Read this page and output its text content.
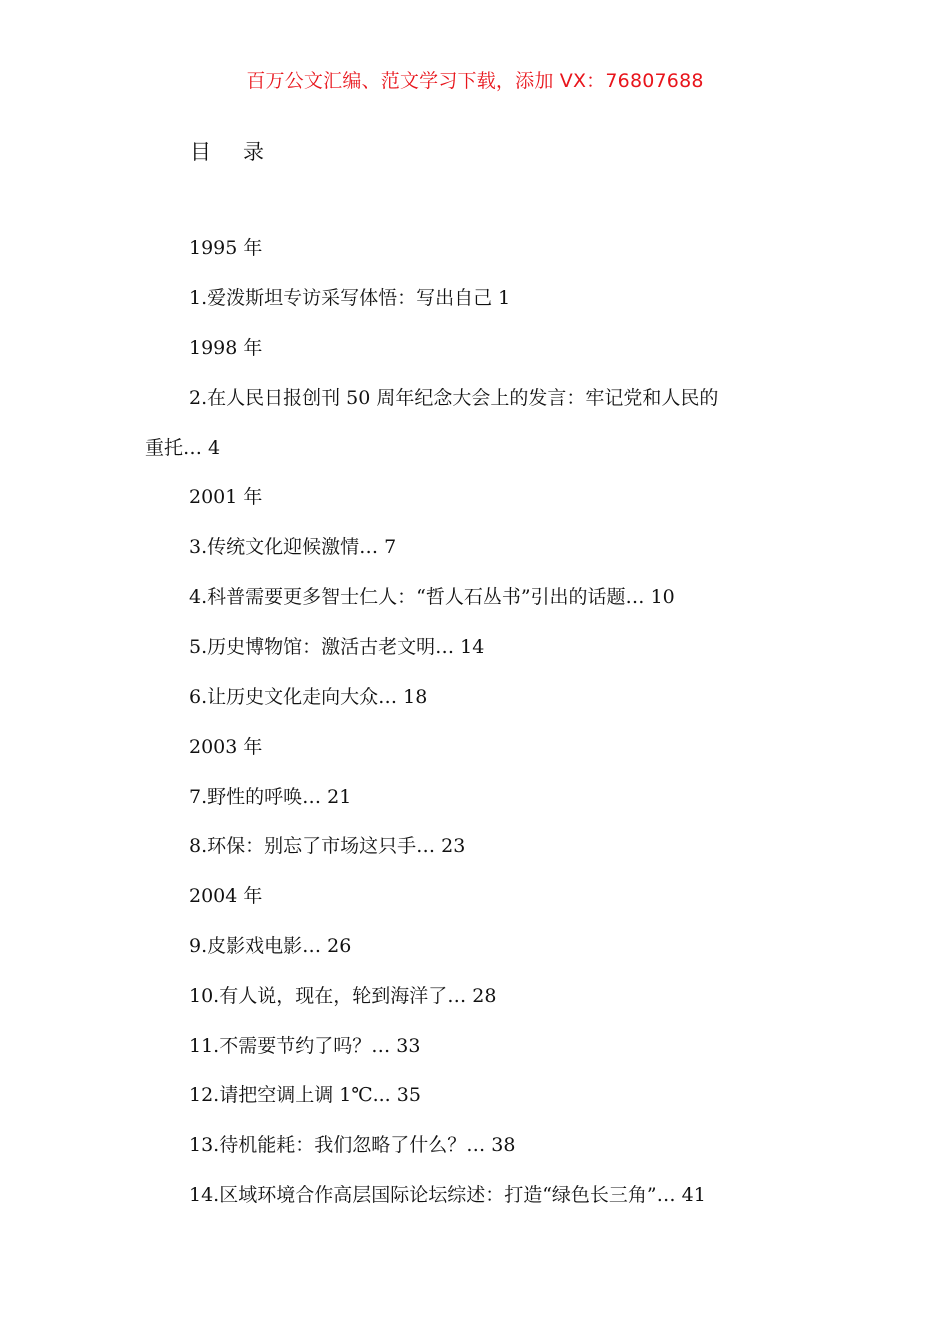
百万公文汇编、范文学习下载，添加 VX：76807688
目 录
1995 年
1.爱泼斯坦专访采写体悟：写出自己 1
1998 年
2.在人民日报创刊 50 周年纪念大会上的发言：牢记党和人民的
重托… 4
2001 年
3.传统文化迎候激情… 7
4.科普需要更多智士仁人：“哲人石丛书”引出的话题… 10
5.历史博物馆：激活古老文明… 14
6.让历史文化走向大众… 18
2003 年
7.野性的呼唤… 21
8.环保：别忘了市场这只手… 23
2004 年
9.皮影戏电影… 26
10.有人说，现在，轮到海洋了… 28
11.不需要节约了吗？… 33
12.请把空调上调 1℃... 35
13.待机能耗：我们忽略了什么？… 38
14.区域环境合作高层国际论坛综述：打造“绿色长三角”… 41
